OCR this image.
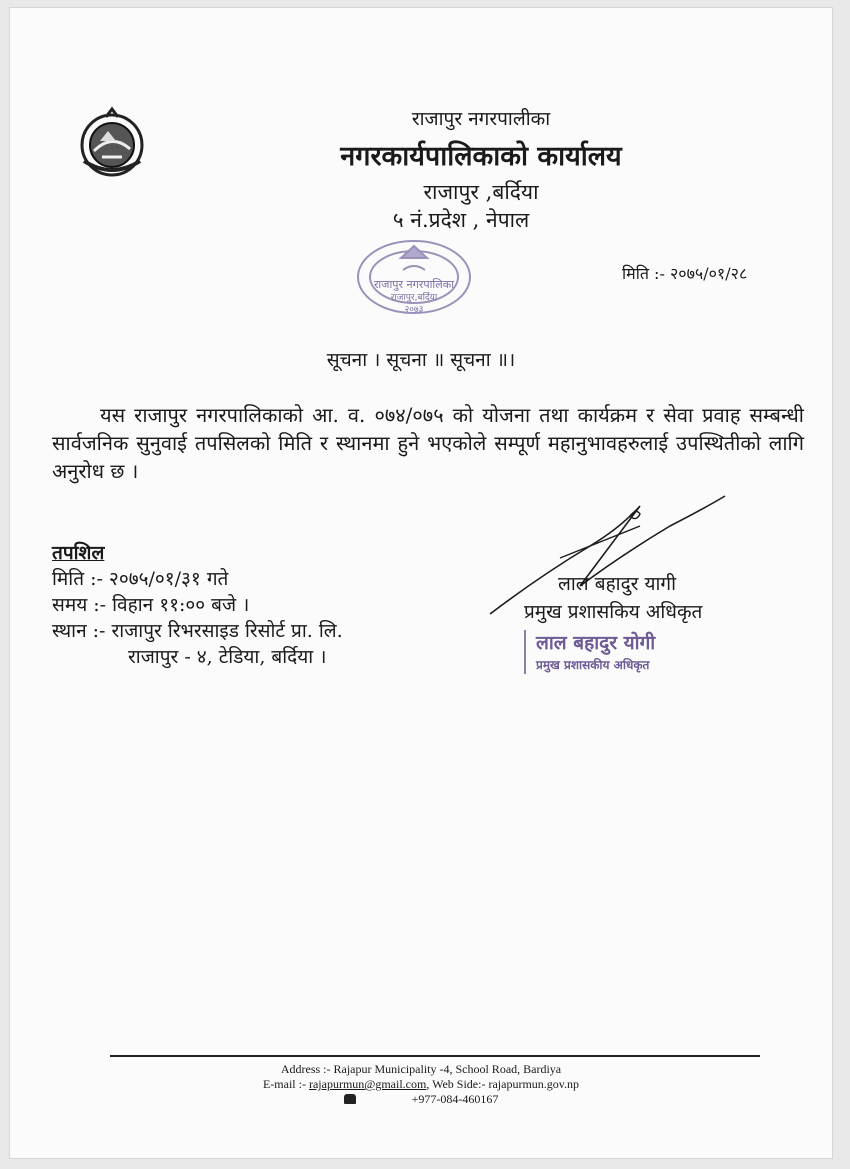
राजापुर नगरपालीका
नगरकार्यपालिकाको कार्यालय
राजापुर ,बर्दिया
५ नं.प्रदेश , नेपाल
राजापुर नगरपालिका
राजापुर,बर्दिया
२०७३
मिति :- २०७५/०१/२८
सूचना । सूचना ॥ सूचना ॥।
यस राजापुर नगरपालिकाको आ. व. ०७४/०७५ को योजना तथा कार्यक्रम र सेवा प्रवाह सम्बन्धी सार्वजनिक सुनुवाई तपसिलको मिति र स्थानमा हुने भएकोले सम्पूर्ण महानुभावहरुलाई उपस्थितीको लागि अनुरोध छ ।
तपशिल
मिति :- २०७५/०१/३१ गते
समय :- विहान ११:०० बजे ।
स्थान :- राजापुर रिभरसाइड रिसोर्ट प्रा. लि.
राजापुर - ४, टेडिया, बर्दिया ।
लाल बहादुर यागी
प्रमुख प्रशासकिय अधिकृत
लाल बहादुर योगी
प्रमुख प्रशासकीय अधिकृत
Address :- Rajapur Municipality -4, School Road, Bardiya
E-mail :- rajapurmun@gmail.com, Web Side:- rajapurmun.gov.np
+977-084-460167
